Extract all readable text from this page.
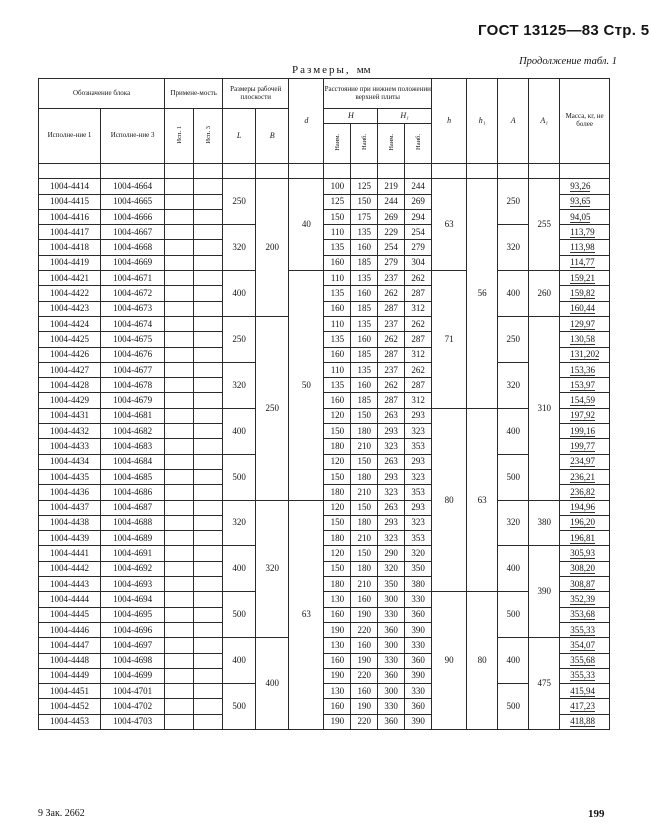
ГОСТ 13125—83 Стр. 5
Продолжение табл. 1
Размеры, мм
Обозначение блока		Примене-мость		Размеры рабочей плоскости		d	Расстояние при нижнем положении верхней плиты				h	h₁	A	A₁	Масса, кг, не более
Исполне-ние 1	Исполне-ние 3	Исп. 1	Исп. 3	L	B		H		H₁						
							Наим.	Наиб.	Наим.	Наиб.					

1004-4414	1004-4664			250	200	40	100	125	219	244	63	56	250	255	93,26
1004-4415	1004-4665						125	150	244	269					93,65
1004-4416	1004-4666						150	175	269	294					94,05
1004-4417	1004-4667			320			110	135	229	254			320		113,79
1004-4418	1004-4668						135	160	254	279					113,98
1004-4419	1004-4669						160	185	279	304					114,77
1004-4421	1004-4671			400		50	110	135	237	262	71		400	260	159,21
1004-4422	1004-4672						135	160	262	287					159,82
1004-4423	1004-4673						160	185	287	312					160,44
1004-4424	1004-4674			250	250		110	135	237	262			250	310	129,97
1004-4425	1004-4675						135	160	262	287					130,58
1004-4426	1004-4676						160	185	287	312					131,202
1004-4427	1004-4677			320			110	135	237	262			320		153,36
1004-4428	1004-4678						135	160	262	287					153,97
1004-4429	1004-4679						160	185	287	312					154,59
1004-4431	1004-4681			400			120	150	263	293	80	63	400		197,92
1004-4432	1004-4682						150	180	293	323					199,16
1004-4433	1004-4683						180	210	323	353					199,77
1004-4434	1004-4684			500			120	150	263	293			500		234,97
1004-4435	1004-4685						150	180	293	323					236,21
1004-4436	1004-4686						180	210	323	353					236,82
1004-4437	1004-4687			320	320	63	120	150	263	293			320	380	194,96
1004-4438	1004-4688						150	180	293	323					196,20
1004-4439	1004-4689						180	210	323	353					196,81
1004-4441	1004-4691			400			120	150	290	320			400	390	305,93
1004-4442	1004-4692						150	180	320	350					308,20
1004-4443	1004-4693						180	210	350	380					308,87
1004-4444	1004-4694			500			130	160	300	330	90	80	500		352,39
1004-4445	1004-4695						160	190	330	360					353,68
1004-4446	1004-4696						190	220	360	390					355,33
1004-4447	1004-4697			400	400		130	160	300	330			400	475	354,07
1004-4448	1004-4698						160	190	330	360					355,68
1004-4449	1004-4699						190	220	360	390					355,33
1004-4451	1004-4701			500			130	160	300	330			500		415,94
1004-4452	1004-4702						160	190	330	360					417,23
1004-4453	1004-4703						190	220	360	390					418,88
9 Зак. 2662	199
